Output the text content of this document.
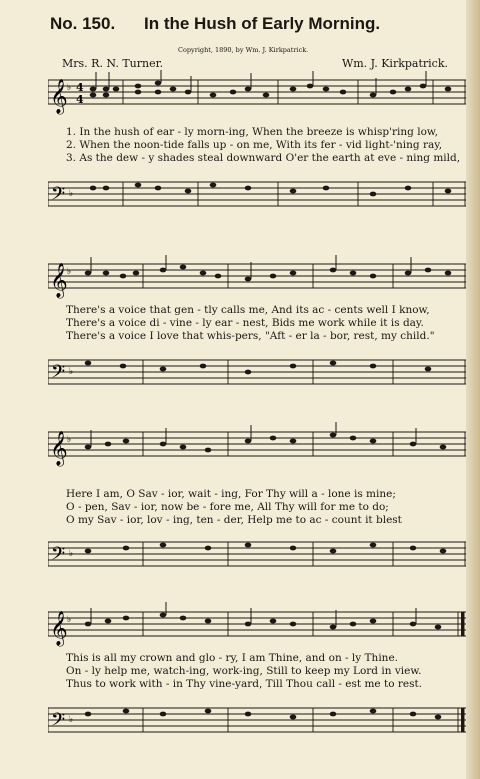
No. 150. In the Hush of Early Morning.
Copyright, 1890, by Wm. J. Kirkpatrick.
Mrs. R. N. Turner.	Wm. J. Kirkpatrick.
𝄞 ♭ 4
4
1. In the hush of ear - ly morn-ing, When the breeze is whisp'ring low,
2. When the noon-tide falls up - on me, With its fer - vid light-'ning ray,
3. As the dew - y shades steal downward O'er the earth at eve - ning mild,
𝄢 ♭
𝄞 ♭
There's a voice that gen - tly calls me, And its ac - cents well I know,
There's a voice di - vine - ly ear - nest, Bids me work while it is day.
There's a voice I love that whis-pers, "Aft - er la - bor, rest, my child."
𝄢 ♭
𝄞 ♭
Here I am, O Sav - ior, wait - ing, For Thy will a - lone is mine;
O - pen, Sav - ior, now be - fore me, All Thy will for me to do;
O my Sav - ior, lov - ing, ten - der, Help me to ac - count it blest
𝄢 ♭
𝄞 ♭
This is all my crown and glo - ry, I am Thine, and on - ly Thine.
On - ly help me, watch-ing, work-ing, Still to keep my Lord in view.
Thus to work with - in Thy vine-yard, Till Thou call - est me to rest.
𝄢 ♭
